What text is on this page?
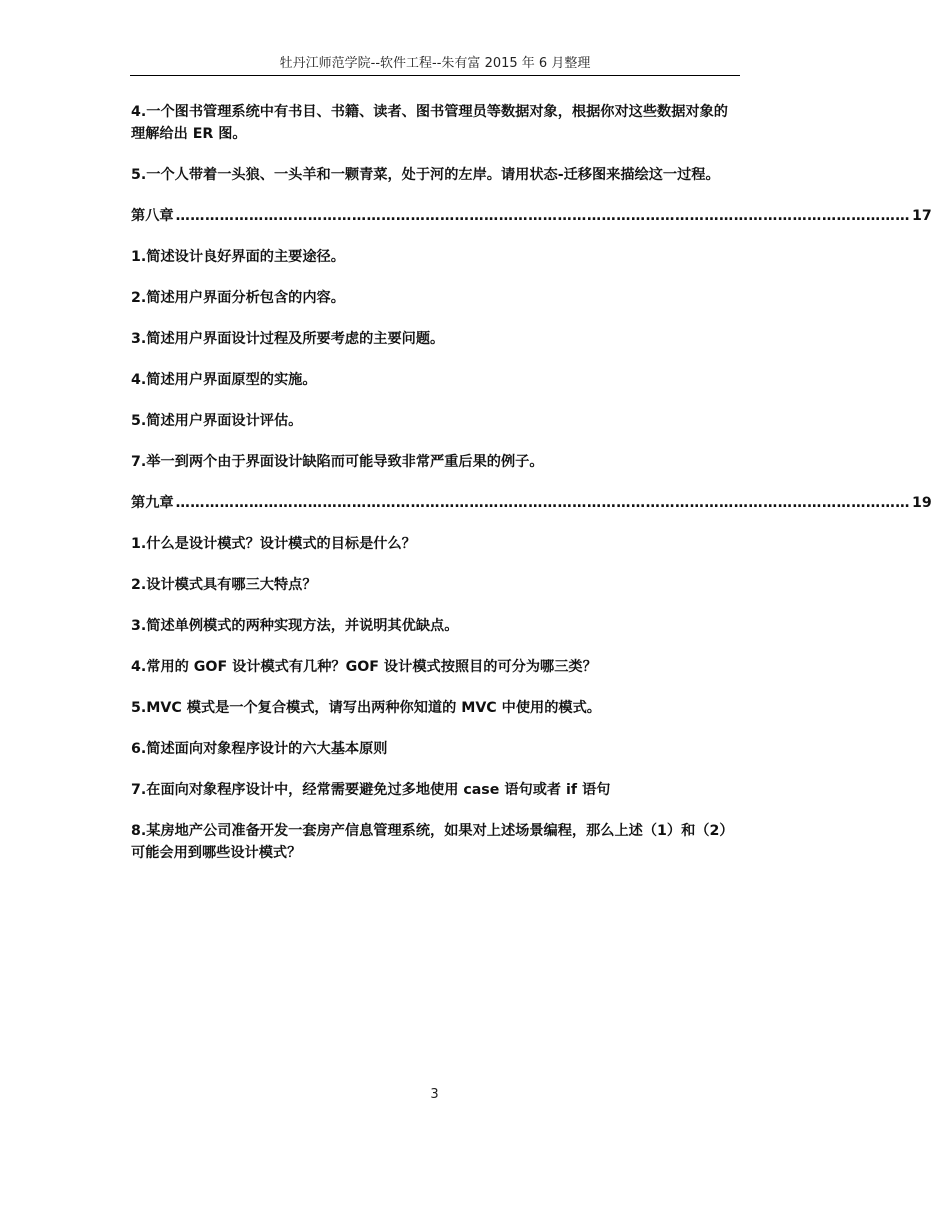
牡丹江师范学院--软件工程--朱有富 2015 年 6 月整理

4.一个图书管理系统中有书目、书籍、读者、图书管理员等数据对象，根据你对这些数据对象的理解给出 ER 图。

5.一个人带着一头狼、一头羊和一颗青菜，处于河的左岸。请用状态-迁移图来描绘这一过程。

第八章 …………………………………………………………………………………………………………………………………… 17

1.简述设计良好界面的主要途径。

2.简述用户界面分析包含的内容。

3.简述用户界面设计过程及所要考虑的主要问题。

4.简述用户界面原型的实施。

5.简述用户界面设计评估。

7.举一到两个由于界面设计缺陷而可能导致非常严重后果的例子。

第九章 …………………………………………………………………………………………………………………………………… 19

1.什么是设计模式？设计模式的目标是什么？

2.设计模式具有哪三大特点？

3.简述单例模式的两种实现方法，并说明其优缺点。

4.常用的 GOF 设计模式有几种？GOF 设计模式按照目的可分为哪三类？

5.MVC 模式是一个复合模式，请写出两种你知道的 MVC 中使用的模式。

6.简述面向对象程序设计的六大基本原则

7.在面向对象程序设计中，经常需要避免过多地使用 case 语句或者 if 语句

8.某房地产公司准备开发一套房产信息管理系统，如果对上述场景编程，那么上述（1）和（2）可能会用到哪些设计模式？

3
